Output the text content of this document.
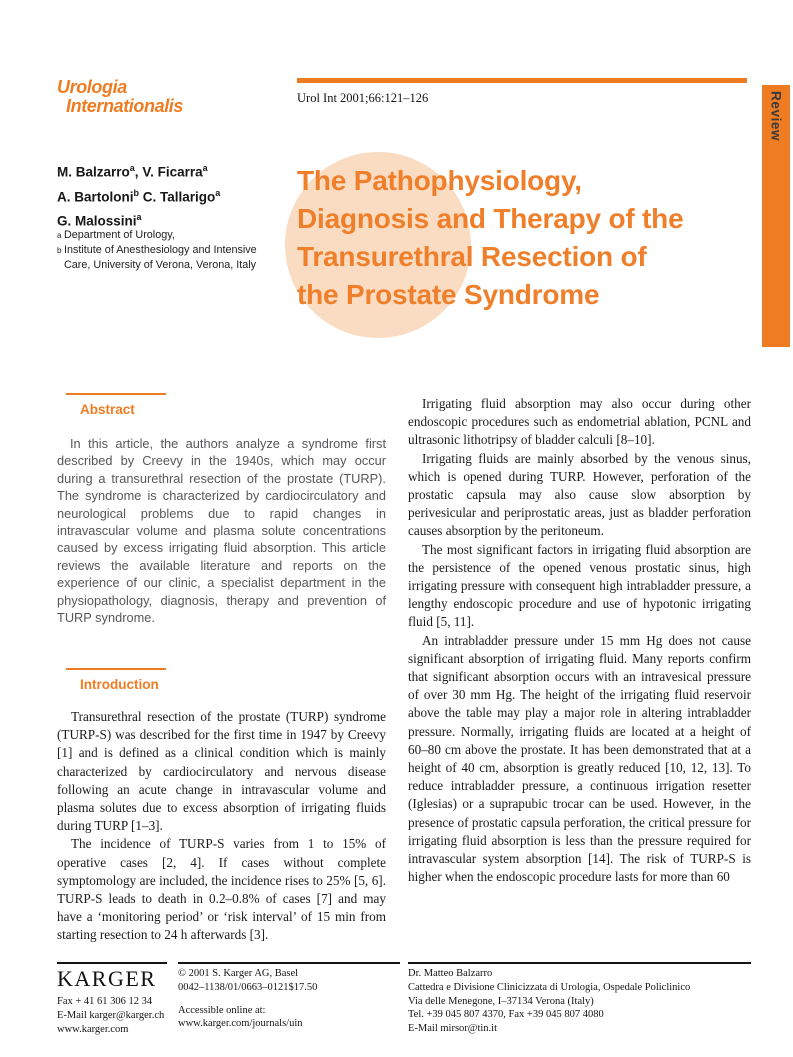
Urologia
Internationalis	Urol Int 2001;66:121–126	Review
M. Balzarro$^a$, V. Ficarra$^a$
A. Bartoloni$^b$ C. Tallarigo$^a$
G. Malossini$^a$
$^a$ Department of Urology,
$^b$ Institute of Anesthesiology and Intensive
Care, University of Verona, Verona, Italy
The Pathophysiology,
Diagnosis and Therapy of the
Transurethral Resection of
the Prostate Syndrome
Abstract

In this article, the authors analyze a syndrome first described by Creevy in the 1940s, which may occur during a transurethral resection of the prostate (TURP). The syndrome is characterized by cardiocirculatory and neurological problems due to rapid changes in intravascular volume and plasma solute concentrations caused by excess irrigating fluid absorption. This article reviews the available literature and reports on the experience of our clinic, a specialist department in the physiopathology, diagnosis, therapy and prevention of TURP syndrome.

Introduction

Transurethral resection of the prostate (TURP) syndrome (TURP-S) was described for the first time in 1947 by Creevy [1] and is defined as a clinical condition which is mainly characterized by cardiocirculatory and nervous disease following an acute change in intravascular volume and plasma solutes due to excess absorption of irrigating fluids during TURP [1–3].

The incidence of TURP-S varies from 1 to 15% of operative cases [2, 4]. If cases without complete symptomology are included, the incidence rises to 25% [5, 6]. TURP-S leads to death in 0.2–0.8% of cases [7] and may have a ‘monitoring period’ or ‘risk interval’ of 15 min from starting resection to 24 h afterwards [3].

Irrigating fluid absorption may also occur during other endoscopic procedures such as endometrial ablation, PCNL and ultrasonic lithotripsy of bladder calculi [8–10].

Irrigating fluids are mainly absorbed by the venous sinus, which is opened during TURP. However, perforation of the prostatic capsula may also cause slow absorption by perivesicular and periprostatic areas, just as bladder perforation causes absorption by the peritoneum.

The most significant factors in irrigating fluid absorption are the persistence of the opened venous prostatic sinus, high irrigating pressure with consequent high intrabladder pressure, a lengthy endoscopic procedure and use of hypotonic irrigating fluid [5, 11].

An intrabladder pressure under 15 mm Hg does not cause significant absorption of irrigating fluid. Many reports confirm that significant absorption occurs with an intravesical pressure of over 30 mm Hg. The height of the irrigating fluid reservoir above the table may play a major role in altering intrabladder pressure. Normally, irrigating fluids are located at a height of 60–80 cm above the prostate. It has been demonstrated that at a height of 40 cm, absorption is greatly reduced [10, 12, 13]. To reduce intrabladder pressure, a continuous irrigation resetter (Iglesias) or a suprapubic trocar can be used. However, in the presence of prostatic capsula perforation, the critical pressure for irrigating fluid absorption is less than the pressure required for intravascular system absorption [14]. The risk of TURP-S is higher when the endoscopic procedure lasts for more than 60

KARGER
Fax + 41 61 306 12 34
E-Mail karger@karger.ch
www.karger.com
© 2001 S. Karger AG, Basel
0042–1138/01/0663–0121$17.50
Accessible online at:
www.karger.com/journals/uin
Dr. Matteo Balzarro
Cattedra e Divisione Clinicizzata di Urologia, Ospedale Policlinico
Via delle Menegone, I–37134 Verona (Italy)
Tel. +39 045 807 4370, Fax +39 045 807 4080
E-Mail mirsor@tin.it
